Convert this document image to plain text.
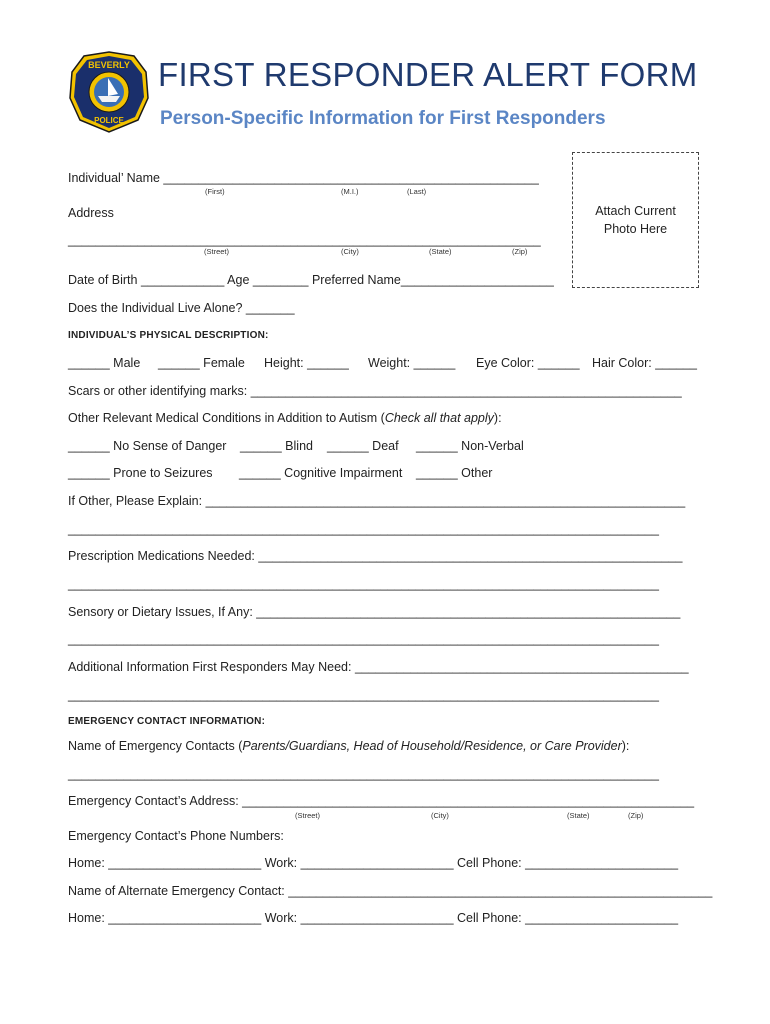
BEVERLY
POLICE
FIRST RESPONDER ALERT FORM
Person-Specific Information for First Responders
Attach Current
Photo Here
Individual’ Name ______________________________________________________
(First)	(M.I.)	(Last)
Address
____________________________________________________________________
(Street)	(City)	(State)	(Zip)
Date of Birth ____________ Age ________ Preferred Name______________________
Does the Individual Live Alone? _______
INDIVIDUAL’S PHYSICAL DESCRIPTION:
______ Male ______ Female Height: ______ Weight: ______ Eye Color: ______ Hair Color: ______
Scars or other identifying marks: ______________________________________________________________
Other Relevant Medical Conditions in Addition to Autism (Check all that apply):
______ No Sense of Danger ______ Blind ______ Deaf ______ Non-Verbal
______ Prone to Seizures ______ Cognitive Impairment ______ Other
If Other, Please Explain: _____________________________________________________________________
_____________________________________________________________________________________
Prescription Medications Needed: _____________________________________________________________
_____________________________________________________________________________________
Sensory or Dietary Issues, If Any: _____________________________________________________________
_____________________________________________________________________________________
Additional Information First Responders May Need: ________________________________________________
_____________________________________________________________________________________
EMERGENCY CONTACT INFORMATION:
Name of Emergency Contacts (Parents/Guardians, Head of Household/Residence, or Care Provider):
_____________________________________________________________________________________
Emergency Contact’s Address: _________________________________________________________________
(Street)	(City)	(State)	(Zip)
Emergency Contact’s Phone Numbers:
Home: ______________________ Work: ______________________ Cell Phone: ______________________
Name of Alternate Emergency Contact: _____________________________________________________________
Home: ______________________ Work: ______________________ Cell Phone: ______________________
